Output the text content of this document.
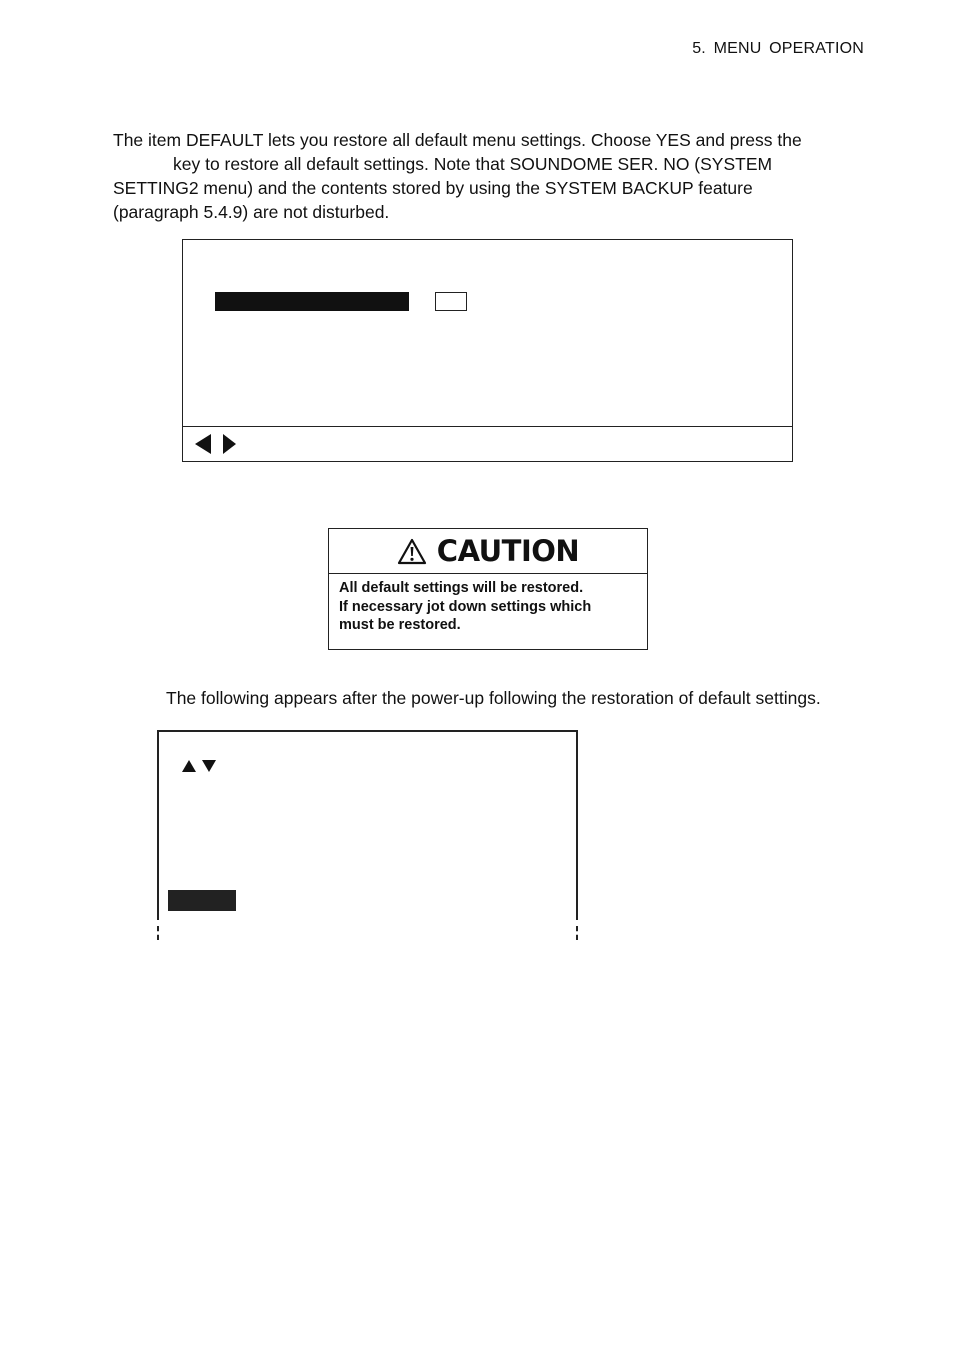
5. MENU OPERATION
The item DEFAULT lets you restore all default menu settings. Choose YES and press the
key to restore all default settings. Note that SOUNDOME SER. NO (SYSTEM
SETTING2 menu) and the contents stored by using the SYSTEM BACKUP feature
(paragraph 5.4.9) are not disturbed.
CAUTION
All default settings will be restored.
If necessary jot down settings which
must be restored.
The following appears after the power-up following the restoration of default settings.
